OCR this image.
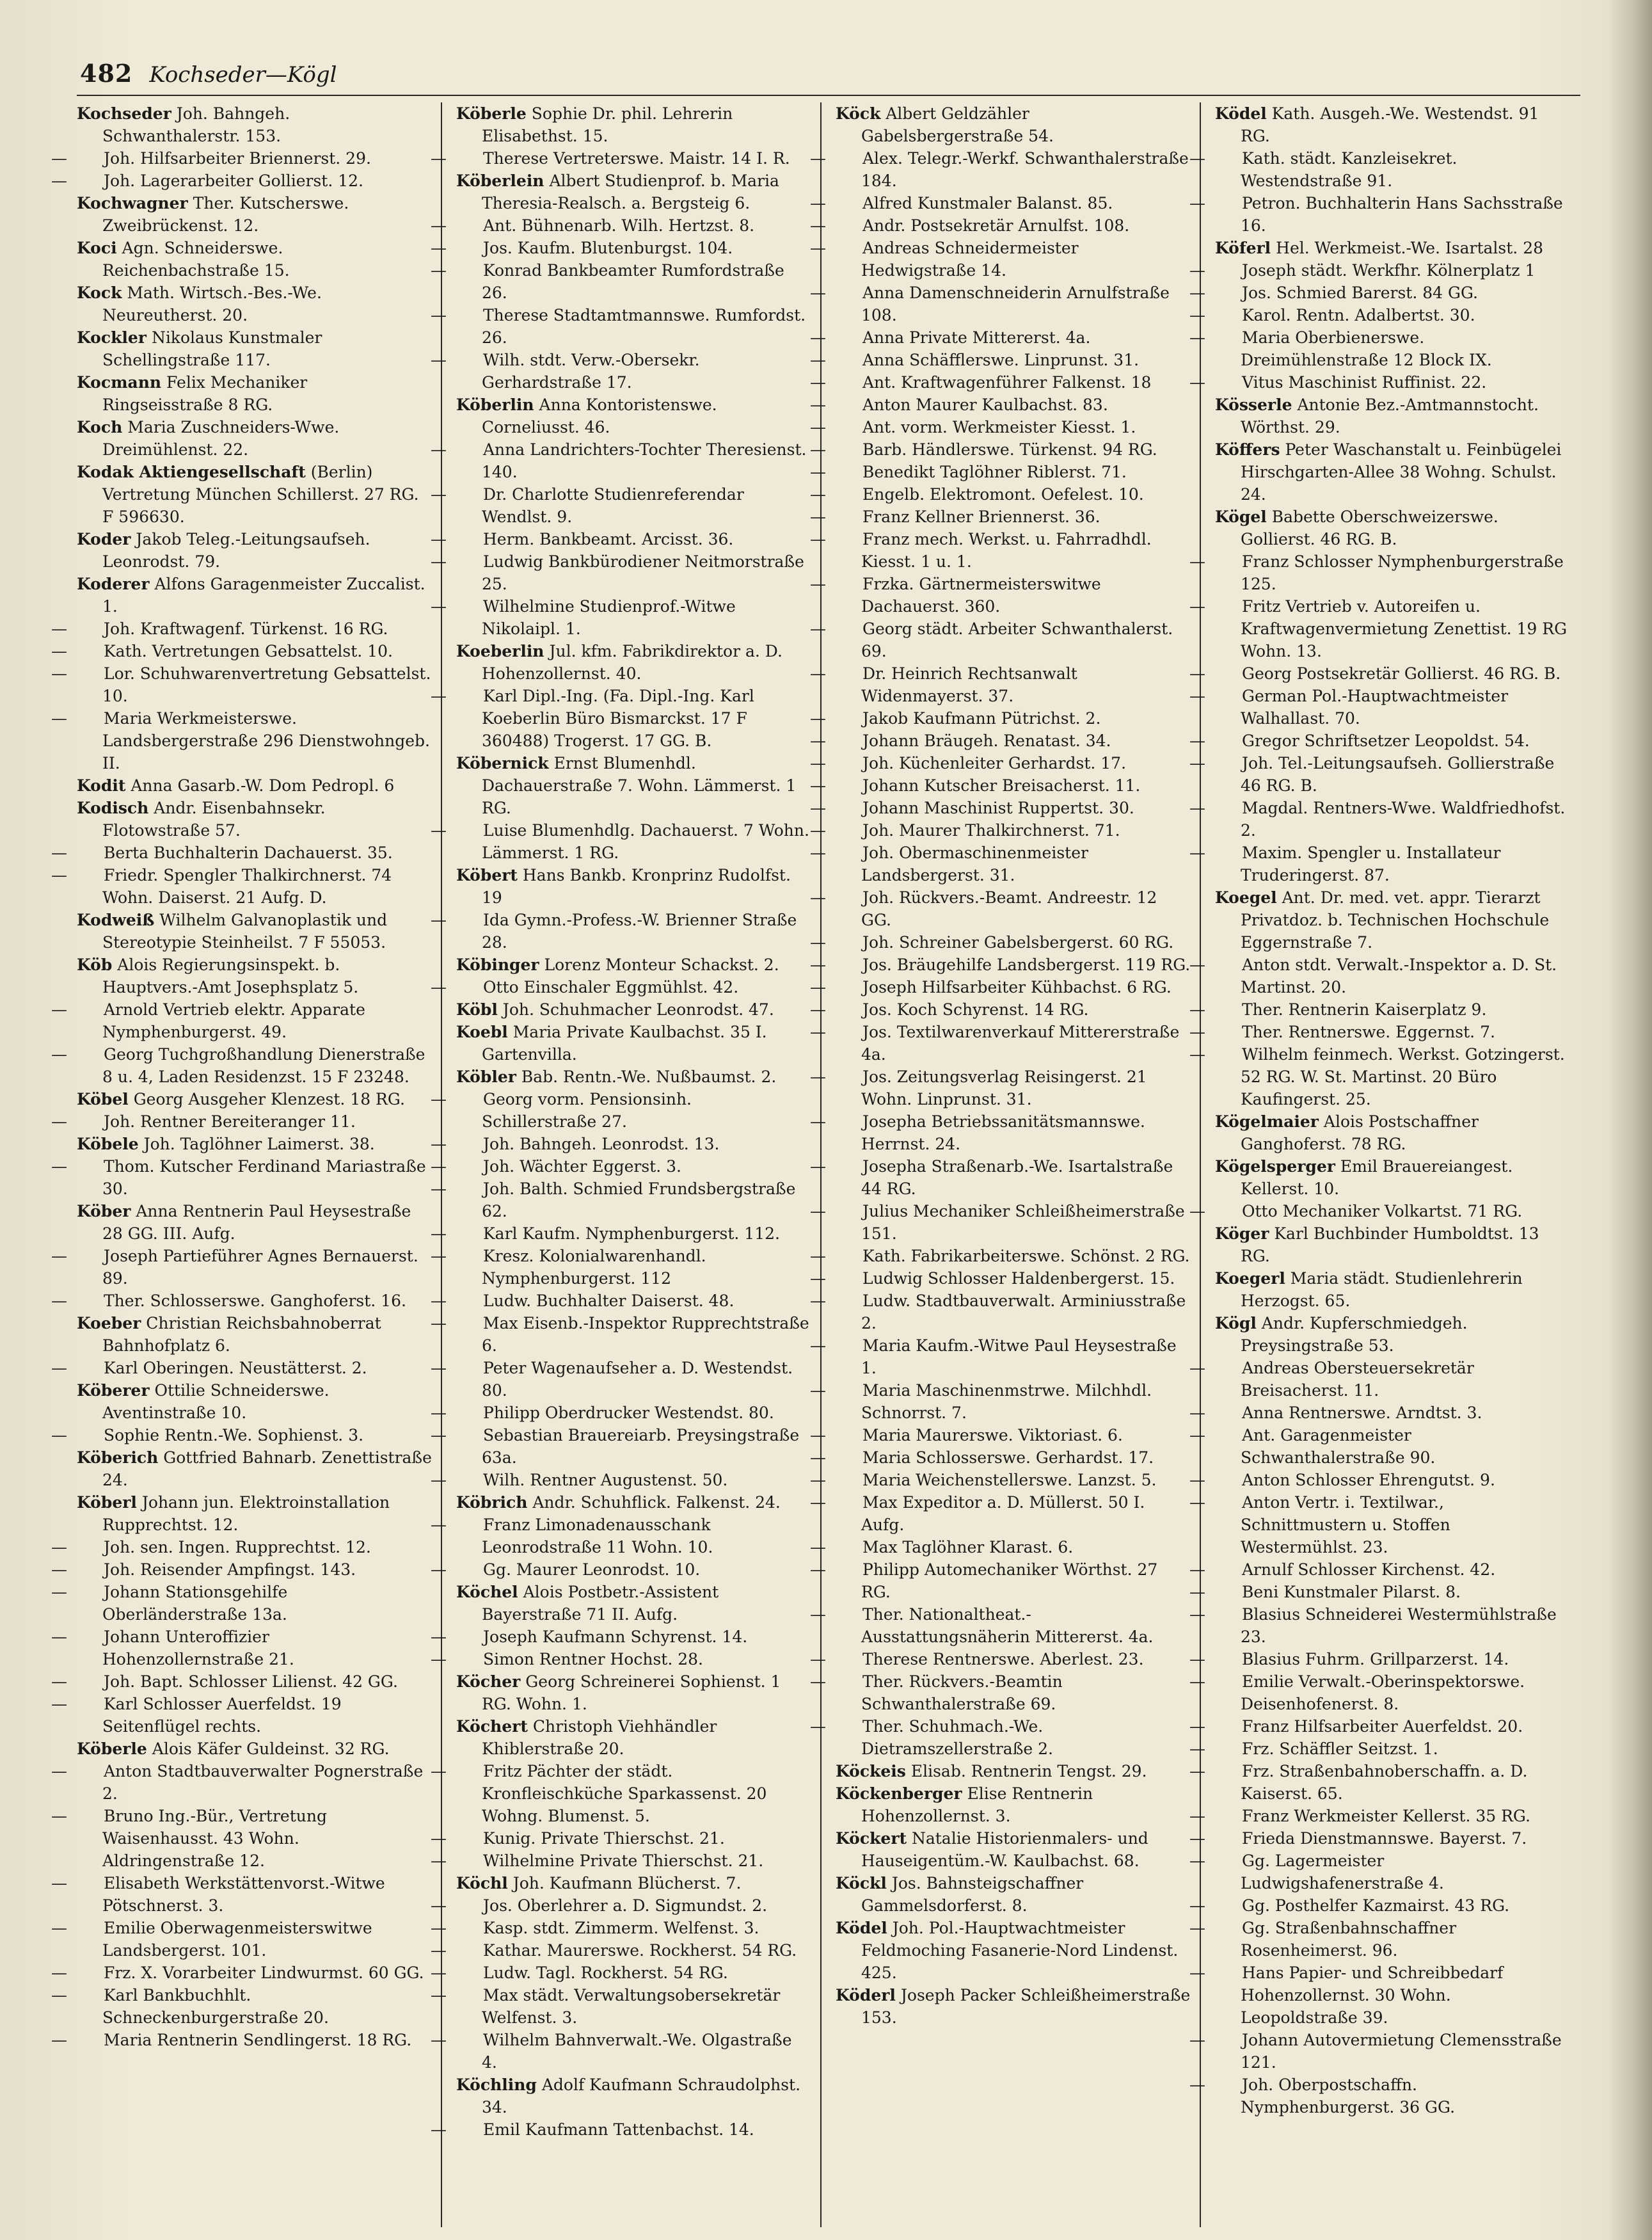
482 Kochseder—Kögl

Kochseder Joh. Bahngeh. Schwanthalerstr. 153.

— Joh. Hilfsarbeiter Briennerst. 29.

— Joh. Lagerarbeiter Gollierst. 12.

Kochwagner Ther. Kutscherswe. Zweibrückenst. 12.

Koci Agn. Schneiderswe. Reichenbachstraße 15.

Kock Math. Wirtsch.-Bes.-We. Neureutherst. 20.

Kockler Nikolaus Kunstmaler Schellingstraße 117.

Kocmann Felix Mechaniker Ringseisstraße 8 RG.

Koch Maria Zuschneiders-Wwe. Dreimühlenst. 22.

Kodak Aktiengesellschaft (Berlin) Vertretung München Schillerst. 27 RG. F 596630.

Koder Jakob Teleg.-Leitungsaufseh. Leonrodst. 79.

Koderer Alfons Garagenmeister Zuccalist. 1.

— Joh. Kraftwagenf. Türkenst. 16 RG.

— Kath. Vertretungen Gebsattelst. 10.

— Lor. Schuhwarenvertretung Gebsattelst. 10.

— Maria Werkmeisterswe. Landsbergerstraße 296 Dienstwohngeb. II.

Kodit Anna Gasarb.-W. Dom Pedropl. 6

Kodisch Andr. Eisenbahnsekr. Flotowstraße 57.

— Berta Buchhalterin Dachauerst. 35.

— Friedr. Spengler Thalkirchnerst. 74 Wohn. Daiserst. 21 Aufg. D.

Kodweiß Wilhelm Galvanoplastik und Stereotypie Steinheilst. 7 F 55053.

Köb Alois Regierungsinspekt. b. Hauptvers.-Amt Josephsplatz 5.

— Arnold Vertrieb elektr. Apparate Nymphenburgerst. 49.

— Georg Tuchgroßhandlung Dienerstraße 8 u. 4, Laden Residenzst. 15 F 23248.

Köbel Georg Ausgeher Klenzest. 18 RG.

— Joh. Rentner Bereiteranger 11.

Köbele Joh. Taglöhner Laimerst. 38.

— Thom. Kutscher Ferdinand Mariastraße 30.

Köber Anna Rentnerin Paul Heysestraße 28 GG. III. Aufg.

— Joseph Partieführer Agnes Bernauerst. 89.

— Ther. Schlosserswe. Ganghoferst. 16.

Koeber Christian Reichsbahnoberrat Bahnhofplatz 6.

— Karl Oberingen. Neustätterst. 2.

Köberer Ottilie Schneiderswe. Aventinstraße 10.

— Sophie Rentn.-We. Sophienst. 3.

Köberich Gottfried Bahnarb. Zenettistraße 24.

Köberl Johann jun. Elektroinstallation Rupprechtst. 12.

— Joh. sen. Ingen. Rupprechtst. 12.

— Joh. Reisender Ampfingst. 143.

— Johann Stationsgehilfe Oberländerstraße 13a.

— Johann Unteroffizier Hohenzollernstraße 21.

— Joh. Bapt. Schlosser Lilienst. 42 GG.

— Karl Schlosser Auerfeldst. 19 Seitenflügel rechts.

Köberle Alois Käfer Guldeinst. 32 RG.

— Anton Stadtbauverwalter Pognerstraße 2.

— Bruno Ing.-Bür., Vertretung Waisenhausst. 43 Wohn. Aldringenstraße 12.

— Elisabeth Werkstättenvorst.-Witwe Pötschnerst. 3.

— Emilie Oberwagenmeisterswitwe Landsbergerst. 101.

— Frz. X. Vorarbeiter Lindwurmst. 60 GG.

— Karl Bankbuchhlt. Schneckenburgerstraße 20.

— Maria Rentnerin Sendlingerst. 18 RG.

Köberle Sophie Dr. phil. Lehrerin Elisabethst. 15.

— Therese Vertreterswe. Maistr. 14 I. R.

Köberlein Albert Studienprof. b. Maria Theresia-Realsch. a. Bergsteig 6.

— Ant. Bühnenarb. Wilh. Hertzst. 8.

— Jos. Kaufm. Blutenburgst. 104.

— Konrad Bankbeamter Rumfordstraße 26.

— Therese Stadtamtmannswe. Rumfordst. 26.

— Wilh. stdt. Verw.-Obersekr. Gerhardstraße 17.

Köberlin Anna Kontoristenswe. Corneliusst. 46.

— Anna Landrichters-Tochter Theresienst. 140.

— Dr. Charlotte Studienreferendar Wendlst. 9.

— Herm. Bankbeamt. Arcisst. 36.

— Ludwig Bankbürodiener Neitmorstraße 25.

— Wilhelmine Studienprof.-Witwe Nikolaipl. 1.

Koeberlin Jul. kfm. Fabrikdirektor a. D. Hohenzollernst. 40.

— Karl Dipl.-Ing. (Fa. Dipl.-Ing. Karl Koeberlin Büro Bismarckst. 17 F 360488) Trogerst. 17 GG. B.

Köbernick Ernst Blumenhdl. Dachauerstraße 7. Wohn. Lämmerst. 1 RG.

— Luise Blumenhdlg. Dachauerst. 7 Wohn. Lämmerst. 1 RG.

Köbert Hans Bankb. Kronprinz Rudolfst. 19

— Ida Gymn.-Profess.-W. Brienner Straße 28.

Köbinger Lorenz Monteur Schackst. 2.

— Otto Einschaler Eggmühlst. 42.

Köbl Joh. Schuhmacher Leonrodst. 47.

Koebl Maria Private Kaulbachst. 35 I. Gartenvilla.

Köbler Bab. Rentn.-We. Nußbaumst. 2.

— Georg vorm. Pensionsinh. Schillerstraße 27.

— Joh. Bahngeh. Leonrodst. 13.

— Joh. Wächter Eggerst. 3.

— Joh. Balth. Schmied Frundsbergstraße 62.

— Karl Kaufm. Nymphenburgerst. 112.

— Kresz. Kolonialwarenhandl. Nymphenburgerst. 112

— Ludw. Buchhalter Daiserst. 48.

— Max Eisenb.-Inspektor Rupprechtstraße 6.

— Peter Wagenaufseher a. D. Westendst. 80.

— Philipp Oberdrucker Westendst. 80.

— Sebastian Brauereiarb. Preysingstraße 63a.

— Wilh. Rentner Augustenst. 50.

Köbrich Andr. Schuhflick. Falkenst. 24.

— Franz Limonadenausschank Leonrodstraße 11 Wohn. 10.

— Gg. Maurer Leonrodst. 10.

Köchel Alois Postbetr.-Assistent Bayerstraße 71 II. Aufg.

— Joseph Kaufmann Schyrenst. 14.

— Simon Rentner Hochst. 28.

Köcher Georg Schreinerei Sophienst. 1 RG. Wohn. 1.

Köchert Christoph Viehhändler Khiblerstraße 20.

— Fritz Pächter der städt. Kronfleischküche Sparkassenst. 20 Wohng. Blumenst. 5.

— Kunig. Private Thierschst. 21.

— Wilhelmine Private Thierschst. 21.

Köchl Joh. Kaufmann Blücherst. 7.

— Jos. Oberlehrer a. D. Sigmundst. 2.

— Kasp. stdt. Zimmerm. Welfenst. 3.

— Kathar. Maurerswe. Rockherst. 54 RG.

— Ludw. Tagl. Rockherst. 54 RG.

— Max städt. Verwaltungsobersekretär Welfenst. 3.

— Wilhelm Bahnverwalt.-We. Olgastraße 4.

Köchling Adolf Kaufmann Schraudolphst. 34.

— Emil Kaufmann Tattenbachst. 14.

Köck Albert Geldzähler Gabelsbergerstraße 54.

— Alex. Telegr.-Werkf. Schwanthalerstraße 184.

— Alfred Kunstmaler Balanst. 85.

— Andr. Postsekretär Arnulfst. 108.

— Andreas Schneidermeister Hedwigstraße 14.

— Anna Damenschneiderin Arnulfstraße 108.

— Anna Private Mittererst. 4a.

— Anna Schäfflerswe. Linprunst. 31.

— Ant. Kraftwagenführer Falkenst. 18

— Anton Maurer Kaulbachst. 83.

— Ant. vorm. Werkmeister Kiesst. 1.

— Barb. Händlerswe. Türkenst. 94 RG.

— Benedikt Taglöhner Riblerst. 71.

— Engelb. Elektromont. Oefelest. 10.

— Franz Kellner Briennerst. 36.

— Franz mech. Werkst. u. Fahrradhdl. Kiesst. 1 u. 1.

— Frzka. Gärtnermeisterswitwe Dachauerst. 360.

— Georg städt. Arbeiter Schwanthalerst. 69.

— Dr. Heinrich Rechtsanwalt Widenmayerst. 37.

— Jakob Kaufmann Pütrichst. 2.

— Johann Bräugeh. Renatast. 34.

— Joh. Küchenleiter Gerhardst. 17.

— Johann Kutscher Breisacherst. 11.

— Johann Maschinist Ruppertst. 30.

— Joh. Maurer Thalkirchnerst. 71.

— Joh. Obermaschinenmeister Landsbergerst. 31.

— Joh. Rückvers.-Beamt. Andreestr. 12 GG.

— Joh. Schreiner Gabelsbergerst. 60 RG.

— Jos. Bräugehilfe Landsbergerst. 119 RG.

— Joseph Hilfsarbeiter Kühbachst. 6 RG.

— Jos. Koch Schyrenst. 14 RG.

— Jos. Textilwarenverkauf Mittererstraße 4a.

— Jos. Zeitungsverlag Reisingerst. 21 Wohn. Linprunst. 31.

— Josepha Betriebssanitätsmannswe. Herrnst. 24.

— Josepha Straßenarb.-We. Isartalstraße 44 RG.

— Julius Mechaniker Schleißheimerstraße 151.

— Kath. Fabrikarbeiterswe. Schönst. 2 RG.

— Ludwig Schlosser Haldenbergerst. 15.

— Ludw. Stadtbauverwalt. Arminiusstraße 2.

— Maria Kaufm.-Witwe Paul Heysestraße 1.

— Maria Maschinenmstrwe. Milchhdl. Schnorrst. 7.

— Maria Maurerswe. Viktoriast. 6.

— Maria Schlosserswe. Gerhardst. 17.

— Maria Weichenstellerswe. Lanzst. 5.

— Max Expeditor a. D. Müllerst. 50 I. Aufg.

— Max Taglöhner Klarast. 6.

— Philipp Automechaniker Wörthst. 27 RG.

— Ther. Nationaltheat.-Ausstattungsnäherin Mittererst. 4a.

— Therese Rentnerswe. Aberlest. 23.

— Ther. Rückvers.-Beamtin Schwanthalerstraße 69.

— Ther. Schuhmach.-We. Dietramszellerstraße 2.

Köckeis Elisab. Rentnerin Tengst. 29.

Köckenberger Elise Rentnerin Hohenzollernst. 3.

Köckert Natalie Historienmalers- und Hauseigentüm.-W. Kaulbachst. 68.

Köckl Jos. Bahnsteigschaffner Gammelsdorferst. 8.

Ködel Joh. Pol.-Hauptwachtmeister Feldmoching Fasanerie-Nord Lindenst. 425.

Köderl Joseph Packer Schleißheimerstraße 153.

Ködel Kath. Ausgeh.-We. Westendst. 91 RG.

— Kath. städt. Kanzleisekret. Westendstraße 91.

— Petron. Buchhalterin Hans Sachsstraße 16.

Köferl Hel. Werkmeist.-We. Isartalst. 28

— Joseph städt. Werkfhr. Kölnerplatz 1

— Jos. Schmied Barerst. 84 GG.

— Karol. Rentn. Adalbertst. 30.

— Maria Oberbienerswe. Dreimühlenstraße 12 Block IX.

— Vitus Maschinist Ruffinist. 22.

Kösserle Antonie Bez.-Amtmannstocht. Wörthst. 29.

Köffers Peter Waschanstalt u. Feinbügelei Hirschgarten-Allee 38 Wohng. Schulst. 24.

Kögel Babette Oberschweizerswe. Gollierst. 46 RG. B.

— Franz Schlosser Nymphenburgerstraße 125.

— Fritz Vertrieb v. Autoreifen u. Kraftwagenvermietung Zenettist. 19 RG Wohn. 13.

— Georg Postsekretär Gollierst. 46 RG. B.

— German Pol.-Hauptwachtmeister Walhallast. 70.

— Gregor Schriftsetzer Leopoldst. 54.

— Joh. Tel.-Leitungsaufseh. Gollierstraße 46 RG. B.

— Magdal. Rentners-Wwe. Waldfriedhofst. 2.

— Maxim. Spengler u. Installateur Truderingerst. 87.

Koegel Ant. Dr. med. vet. appr. Tierarzt Privatdoz. b. Technischen Hochschule Eggernstraße 7.

— Anton stdt. Verwalt.-Inspektor a. D. St. Martinst. 20.

— Ther. Rentnerin Kaiserplatz 9.

— Ther. Rentnerswe. Eggernst. 7.

— Wilhelm feinmech. Werkst. Gotzingerst. 52 RG. W. St. Martinst. 20 Büro Kaufingerst. 25.

Kögelmaier Alois Postschaffner Ganghoferst. 78 RG.

Kögelsperger Emil Brauereiangest. Kellerst. 10.

— Otto Mechaniker Volkartst. 71 RG.

Köger Karl Buchbinder Humboldtst. 13 RG.

Koegerl Maria städt. Studienlehrerin Herzogst. 65.

Kögl Andr. Kupferschmiedgeh. Preysingstraße 53.

— Andreas Obersteuersekretär Breisacherst. 11.

— Anna Rentnerswe. Arndtst. 3.

— Ant. Garagenmeister Schwanthalerstraße 90.

— Anton Schlosser Ehrengutst. 9.

— Anton Vertr. i. Textilwar., Schnittmustern u. Stoffen Westermühlst. 23.

— Arnulf Schlosser Kirchenst. 42.

— Beni Kunstmaler Pilarst. 8.

— Blasius Schneiderei Westermühlstraße 23.

— Blasius Fuhrm. Grillparzerst. 14.

— Emilie Verwalt.-Oberinspektorswe. Deisenhofenerst. 8.

— Franz Hilfsarbeiter Auerfeldst. 20.

— Frz. Schäffler Seitzst. 1.

— Frz. Straßenbahnoberschaffn. a. D. Kaiserst. 65.

— Franz Werkmeister Kellerst. 35 RG.

— Frieda Dienstmannswe. Bayerst. 7.

— Gg. Lagermeister Ludwigshafenerstraße 4.

— Gg. Posthelfer Kazmairst. 43 RG.

— Gg. Straßenbahnschaffner Rosenheimerst. 96.

— Hans Papier- und Schreibbedarf Hohenzollernst. 30 Wohn. Leopoldstraße 39.

— Johann Autovermietung Clemensstraße 121.

— Joh. Oberpostschaffn. Nymphenburgerst. 36 GG.
